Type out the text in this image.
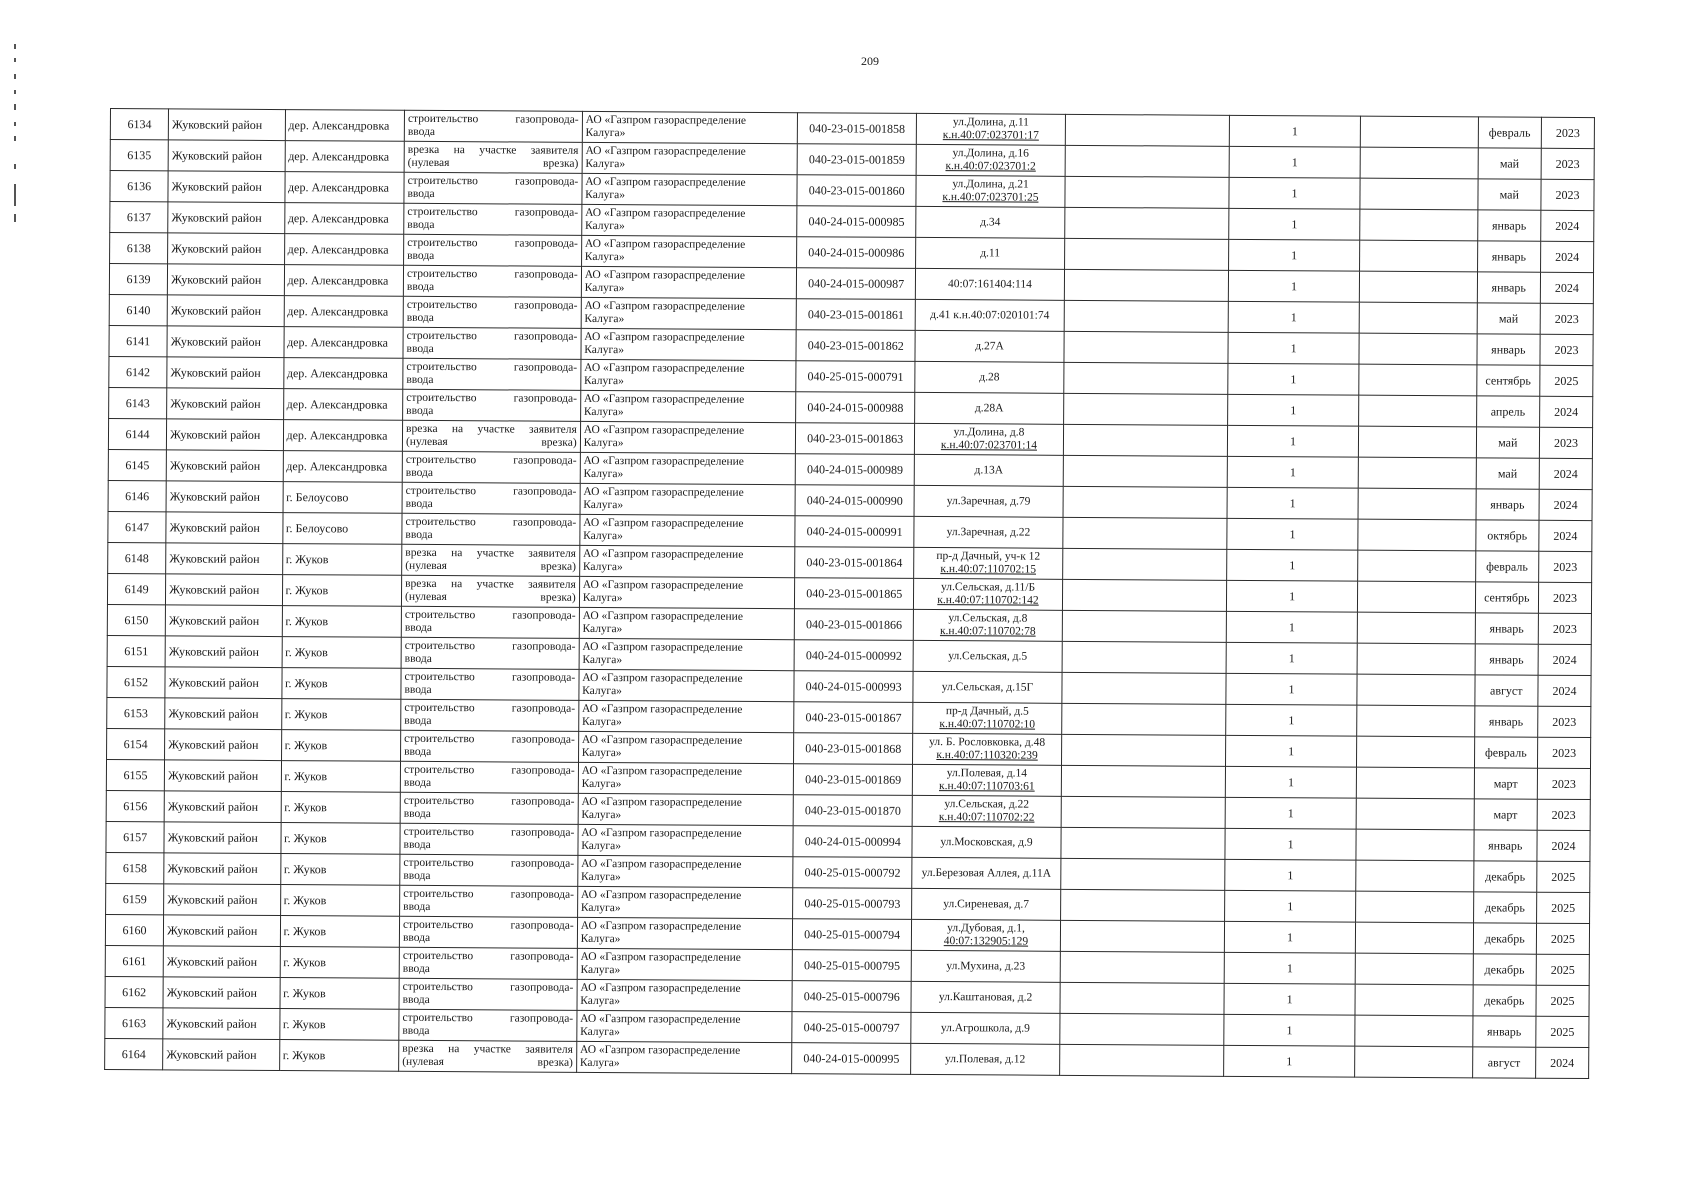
209
6134	Жуковский район	дер. Александровка	строительство газопровода-
ввода	АО «Газпром газораспределение
Калуга»	040-23-015-001858	ул.Долина, д.11
к.н.40:07:023701:17		1		февраль	2023
6135	Жуковский район	дер. Александровка	врезка на участке заявителя
(нулевая врезка)	АО «Газпром газораспределение
Калуга»	040-23-015-001859	ул.Долина, д.16
к.н.40:07:023701:2		1		май	2023
6136	Жуковский район	дер. Александровка	строительство газопровода-
ввода	АО «Газпром газораспределение
Калуга»	040-23-015-001860	ул.Долина, д.21
к.н.40:07:023701:25		1		май	2023
6137	Жуковский район	дер. Александровка	строительство газопровода-
ввода	АО «Газпром газораспределение
Калуга»	040-24-015-000985	д.34		1		январь	2024
6138	Жуковский район	дер. Александровка	строительство газопровода-
ввода	АО «Газпром газораспределение
Калуга»	040-24-015-000986	д.11		1		январь	2024
6139	Жуковский район	дер. Александровка	строительство газопровода-
ввода	АО «Газпром газораспределение
Калуга»	040-24-015-000987	40:07:161404:114		1		январь	2024
6140	Жуковский район	дер. Александровка	строительство газопровода-
ввода	АО «Газпром газораспределение
Калуга»	040-23-015-001861	д.41 к.н.40:07:020101:74		1		май	2023
6141	Жуковский район	дер. Александровка	строительство газопровода-
ввода	АО «Газпром газораспределение
Калуга»	040-23-015-001862	д.27А		1		январь	2023
6142	Жуковский район	дер. Александровка	строительство газопровода-
ввода	АО «Газпром газораспределение
Калуга»	040-25-015-000791	д.28		1		сентябрь	2025
6143	Жуковский район	дер. Александровка	строительство газопровода-
ввода	АО «Газпром газораспределение
Калуга»	040-24-015-000988	д.28А		1		апрель	2024
6144	Жуковский район	дер. Александровка	врезка на участке заявителя
(нулевая врезка)	АО «Газпром газораспределение
Калуга»	040-23-015-001863	ул.Долина, д.8
к.н.40:07:023701:14		1		май	2023
6145	Жуковский район	дер. Александровка	строительство газопровода-
ввода	АО «Газпром газораспределение
Калуга»	040-24-015-000989	д.13А		1		май	2024
6146	Жуковский район	г. Белоусово	строительство газопровода-
ввода	АО «Газпром газораспределение
Калуга»	040-24-015-000990	ул.Заречная, д.79		1		январь	2024
6147	Жуковский район	г. Белоусово	строительство газопровода-
ввода	АО «Газпром газораспределение
Калуга»	040-24-015-000991	ул.Заречная, д.22		1		октябрь	2024
6148	Жуковский район	г. Жуков	врезка на участке заявителя
(нулевая врезка)	АО «Газпром газораспределение
Калуга»	040-23-015-001864	пр-д Дачный, уч-к 12
к.н.40:07:110702:15		1		февраль	2023
6149	Жуковский район	г. Жуков	врезка на участке заявителя
(нулевая врезка)	АО «Газпром газораспределение
Калуга»	040-23-015-001865	ул.Сельская, д.11/Б
к.н.40:07:110702:142		1		сентябрь	2023
6150	Жуковский район	г. Жуков	строительство газопровода-
ввода	АО «Газпром газораспределение
Калуга»	040-23-015-001866	ул.Сельская, д.8
к.н.40:07:110702:78		1		январь	2023
6151	Жуковский район	г. Жуков	строительство газопровода-
ввода	АО «Газпром газораспределение
Калуга»	040-24-015-000992	ул.Сельская, д.5		1		январь	2024
6152	Жуковский район	г. Жуков	строительство газопровода-
ввода	АО «Газпром газораспределение
Калуга»	040-24-015-000993	ул.Сельская, д.15Г		1		август	2024
6153	Жуковский район	г. Жуков	строительство газопровода-
ввода	АО «Газпром газораспределение
Калуга»	040-23-015-001867	пр-д Дачный, д.5
к.н.40:07:110702:10		1		январь	2023
6154	Жуковский район	г. Жуков	строительство газопровода-
ввода	АО «Газпром газораспределение
Калуга»	040-23-015-001868	ул. Б. Рословковка, д.48
к.н.40:07:110320:239		1		февраль	2023
6155	Жуковский район	г. Жуков	строительство газопровода-
ввода	АО «Газпром газораспределение
Калуга»	040-23-015-001869	ул.Полевая, д.14
к.н.40:07:110703:61		1		март	2023
6156	Жуковский район	г. Жуков	строительство газопровода-
ввода	АО «Газпром газораспределение
Калуга»	040-23-015-001870	ул.Сельская, д.22
к.н.40:07:110702:22		1		март	2023
6157	Жуковский район	г. Жуков	строительство газопровода-
ввода	АО «Газпром газораспределение
Калуга»	040-24-015-000994	ул.Московская, д.9		1		январь	2024
6158	Жуковский район	г. Жуков	строительство газопровода-
ввода	АО «Газпром газораспределение
Калуга»	040-25-015-000792	ул.Березовая Аллея, д.11А		1		декабрь	2025
6159	Жуковский район	г. Жуков	строительство газопровода-
ввода	АО «Газпром газораспределение
Калуга»	040-25-015-000793	ул.Сиреневая, д.7		1		декабрь	2025
6160	Жуковский район	г. Жуков	строительство газопровода-
ввода	АО «Газпром газораспределение
Калуга»	040-25-015-000794	ул.Дубовая, д.1,
40:07:132905:129		1		декабрь	2025
6161	Жуковский район	г. Жуков	строительство газопровода-
ввода	АО «Газпром газораспределение
Калуга»	040-25-015-000795	ул.Мухина, д.23		1		декабрь	2025
6162	Жуковский район	г. Жуков	строительство газопровода-
ввода	АО «Газпром газораспределение
Калуга»	040-25-015-000796	ул.Каштановая, д.2		1		декабрь	2025
6163	Жуковский район	г. Жуков	строительство газопровода-
ввода	АО «Газпром газораспределение
Калуга»	040-25-015-000797	ул.Агрошкола, д.9		1		январь	2025
6164	Жуковский район	г. Жуков	врезка на участке заявителя
(нулевая врезка)	АО «Газпром газораспределение
Калуга»	040-24-015-000995	ул.Полевая, д.12		1		август	2024
